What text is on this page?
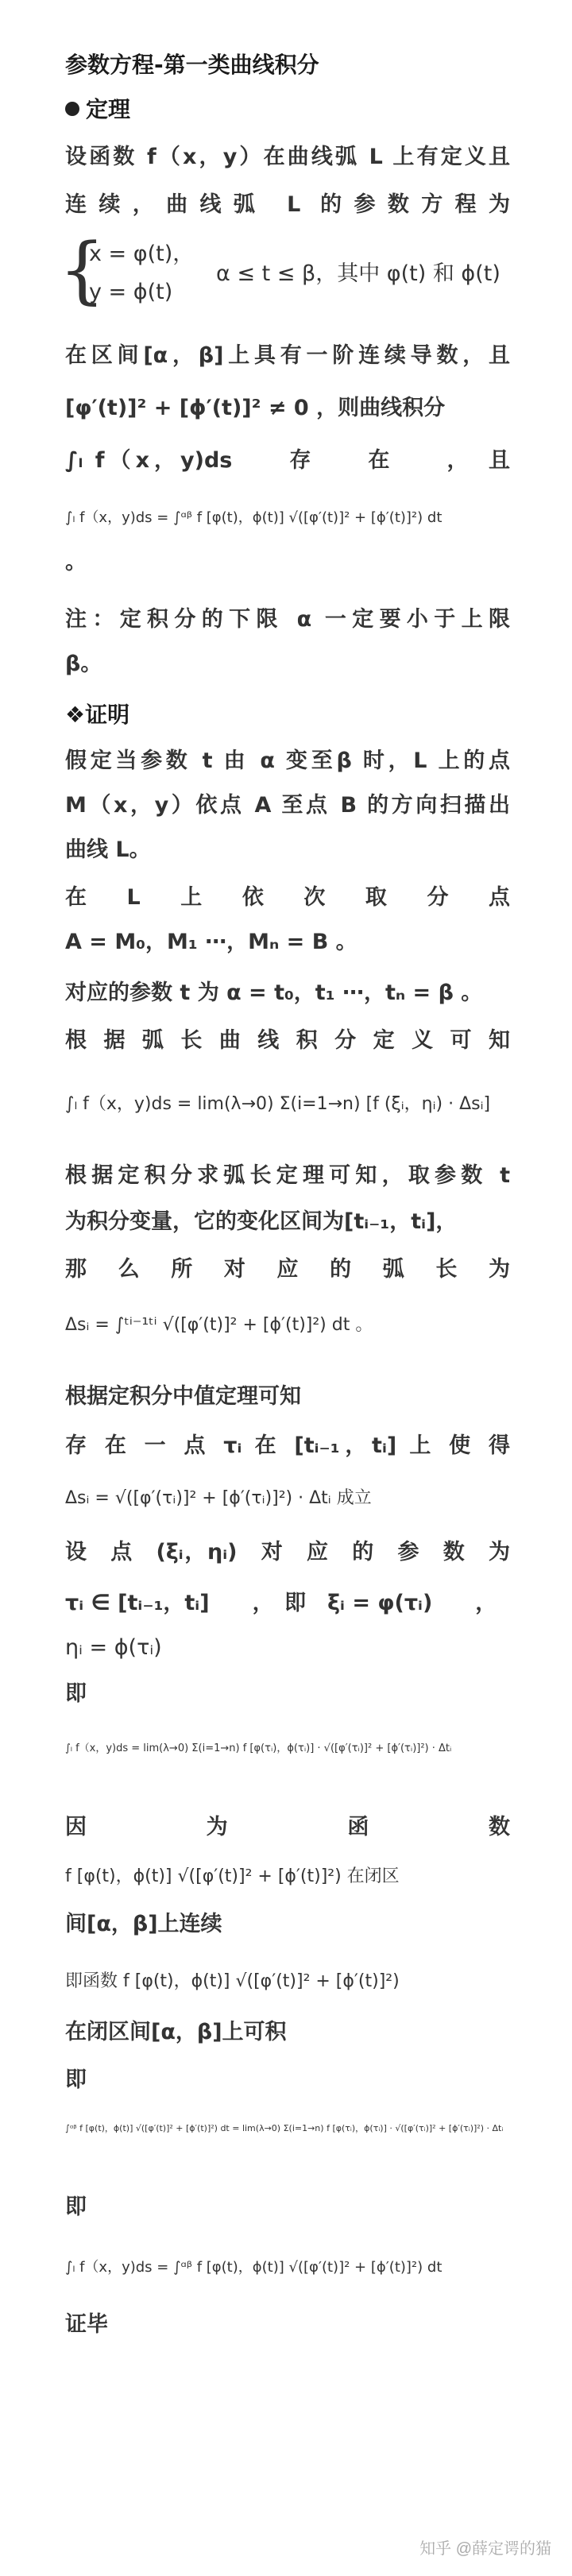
参数方程-第一类曲线积分
定理
设函数 f（x，y）在曲线弧 L 上有定义且
连续，曲线弧 L 的参数方程为
{
x = φ(t)，
y = ϕ(t)
α ≤ t ≤ β，其中 φ(t) 和 ϕ(t)
在区间[α，β]上具有一阶连续导数，且
[φ′(t)]² + [ϕ′(t)]² ≠ 0 ，则曲线积分
∫ₗ f（x，y)ds　　存　　在　　，　且
∫ₗ f（x，y)ds = ∫ᵅᵝ f [φ(t)，ϕ(t)] √([φ′(t)]² + [ϕ′(t)]²) dt
。
注：定积分的下限 α 一定要小于上限
β。
❖证明
假定当参数 t 由 α 变至β 时，L 上的点
M（x，y）依点 A 至点 B 的方向扫描出
曲线 L。
在　L　上　依　次　取　分　点
A = M₀，M₁ ⋯，Mₙ = B 。
对应的参数 t 为 α = t₀，t₁ ⋯，tₙ = β 。
根据弧长曲线积分定义可知
∫ₗ f（x，y)ds = lim(λ→0) Σ(i=1→n) [f (ξᵢ，ηᵢ) · Δsᵢ]
根据定积分求弧长定理可知，取参数 t
为积分变量，它的变化区间为[tᵢ₋₁，tᵢ]，
那　么　所　对　应　的　弧　长　为
Δsᵢ = ∫ᵗⁱ⁻¹ᵗⁱ √([φ′(t)]² + [ϕ′(t)]²) dt 。
根据定积分中值定理可知
存 在 一 点 τᵢ 在 [tᵢ₋₁，tᵢ] 上 使 得
Δsᵢ = √([φ′(τᵢ)]² + [ϕ′(τᵢ)]²) · Δtᵢ 成立
设　点　(ξᵢ，ηᵢ)　对　应　的　参　数　为
τᵢ ∈ [tᵢ₋₁，tᵢ]　　，　即　ξᵢ = φ(τᵢ)　　，
ηᵢ = ϕ(τᵢ)
即
∫ₗ f（x，y)ds = lim(λ→0) Σ(i=1→n) f [φ(τᵢ)，ϕ(τᵢ)] · √([φ′(τᵢ)]² + [ϕ′(τᵢ)]²) · Δtᵢ
因　　　为　　　函　　　数
f [φ(t)，ϕ(t)] √([φ′(t)]² + [ϕ′(t)]²) 在闭区
间[α，β]上连续
即函数 f [φ(t)，ϕ(t)] √([φ′(t)]² + [ϕ′(t)]²)
在闭区间[α，β]上可积
即
∫ᵅᵝ f [φ(t)，ϕ(t)] √([φ′(t)]² + [ϕ′(t)]²) dt = lim(λ→0) Σ(i=1→n) f [φ(τᵢ)，ϕ(τᵢ)] · √([φ′(τᵢ)]² + [ϕ′(τᵢ)]²) · Δtᵢ
即
∫ₗ f（x，y)ds = ∫ᵅᵝ f [φ(t)，ϕ(t)] √([φ′(t)]² + [ϕ′(t)]²) dt
证毕
知乎 @薛定谔的猫
